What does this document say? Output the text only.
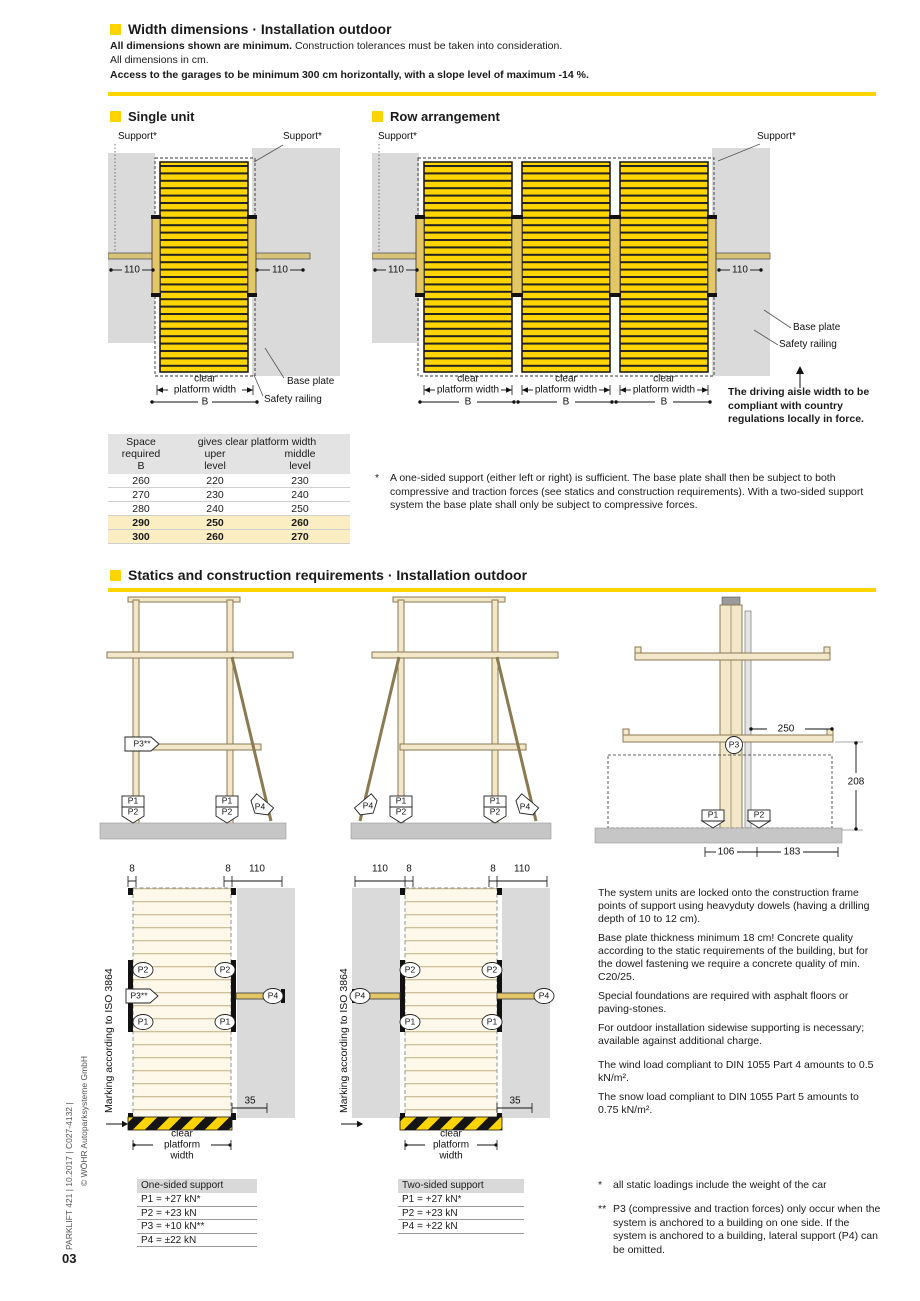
PARKLIFT 421 | 10.2017 | C027-4132 | © WÖHR Autoparksysteme GmbH
03
Width dimensions · Installation outdoor
All dimensions shown are minimum. Construction tolerances must be taken into consideration.
All dimensions in cm.
Access to the garages to be minimum 300 cm horizontally, with a slope level of maximum -14 %.
Single unit	Row arrangement
Support*	Support*
110	110
clear
platform width
B
Base plate
Safety railing
Support*	Support*
110	110
clear
platform width
B
clear
platform width
B
clear
platform width
B
Base plate
Safety railing
The driving aisle width to be compliant with country regulations locally in force.
Space
required
B
gives clear platform width
uper
level
middle
level
260	220	230
270	230	240
280	240	250
290	250	260
300	260	270
*	A one-sided support (either left or right) is sufficient. The base plate shall then be subject to both compressive and traction forces (see statics and construction requirements). With a two-sided support system the base plate shall only be subject to compressive forces.
Statics and construction requirements · Installation outdoor
P3**
P1
P2
P1
P2	P4	P4	P1
P2
P1
P2 P4
250
P3
208
P1	P2
106	183
8	8 110
P2	P2
P3**	P4
P1	P1
35
clear
platform
width
Marking according to ISO 3864
110 8	8 110
P2	P2
P4	P4
P1	P1
35
clear
platform
width
Marking according to ISO 3864

The system units are locked onto the construction frame points of support using heavyduty dowels (having a drilling depth of 10 to 12 cm).

Base plate thickness minimum 18 cm! Concrete quality according to the static requirements of the building, but for the dowel fastening we require a concrete quality of min. C20/25.

Special foundations are required with asphalt floors or paving-stones.

For outdoor installation sidewise supporting is necessary; available against additional charge.

The wind load compliant to DIN 1055 Part 4 amounts to 0.5 kN/m².

The snow load compliant to DIN 1055 Part 5 amounts to 0.75 kN/m².

One-sided support
P1 = +27 kN*
P2 = +23 kN
P3 = +10 kN**
P4 = ±22 kN
Two-sided support
P1 = +27 kN*
P2 = +23 kN
P4 = +22 kN
*	all static loadings include the weight of the car
** P3 (compressive and traction forces) only occur when the system is anchored to a building on one side. If the system is anchored to a building, lateral support (P4) can be omitted.
